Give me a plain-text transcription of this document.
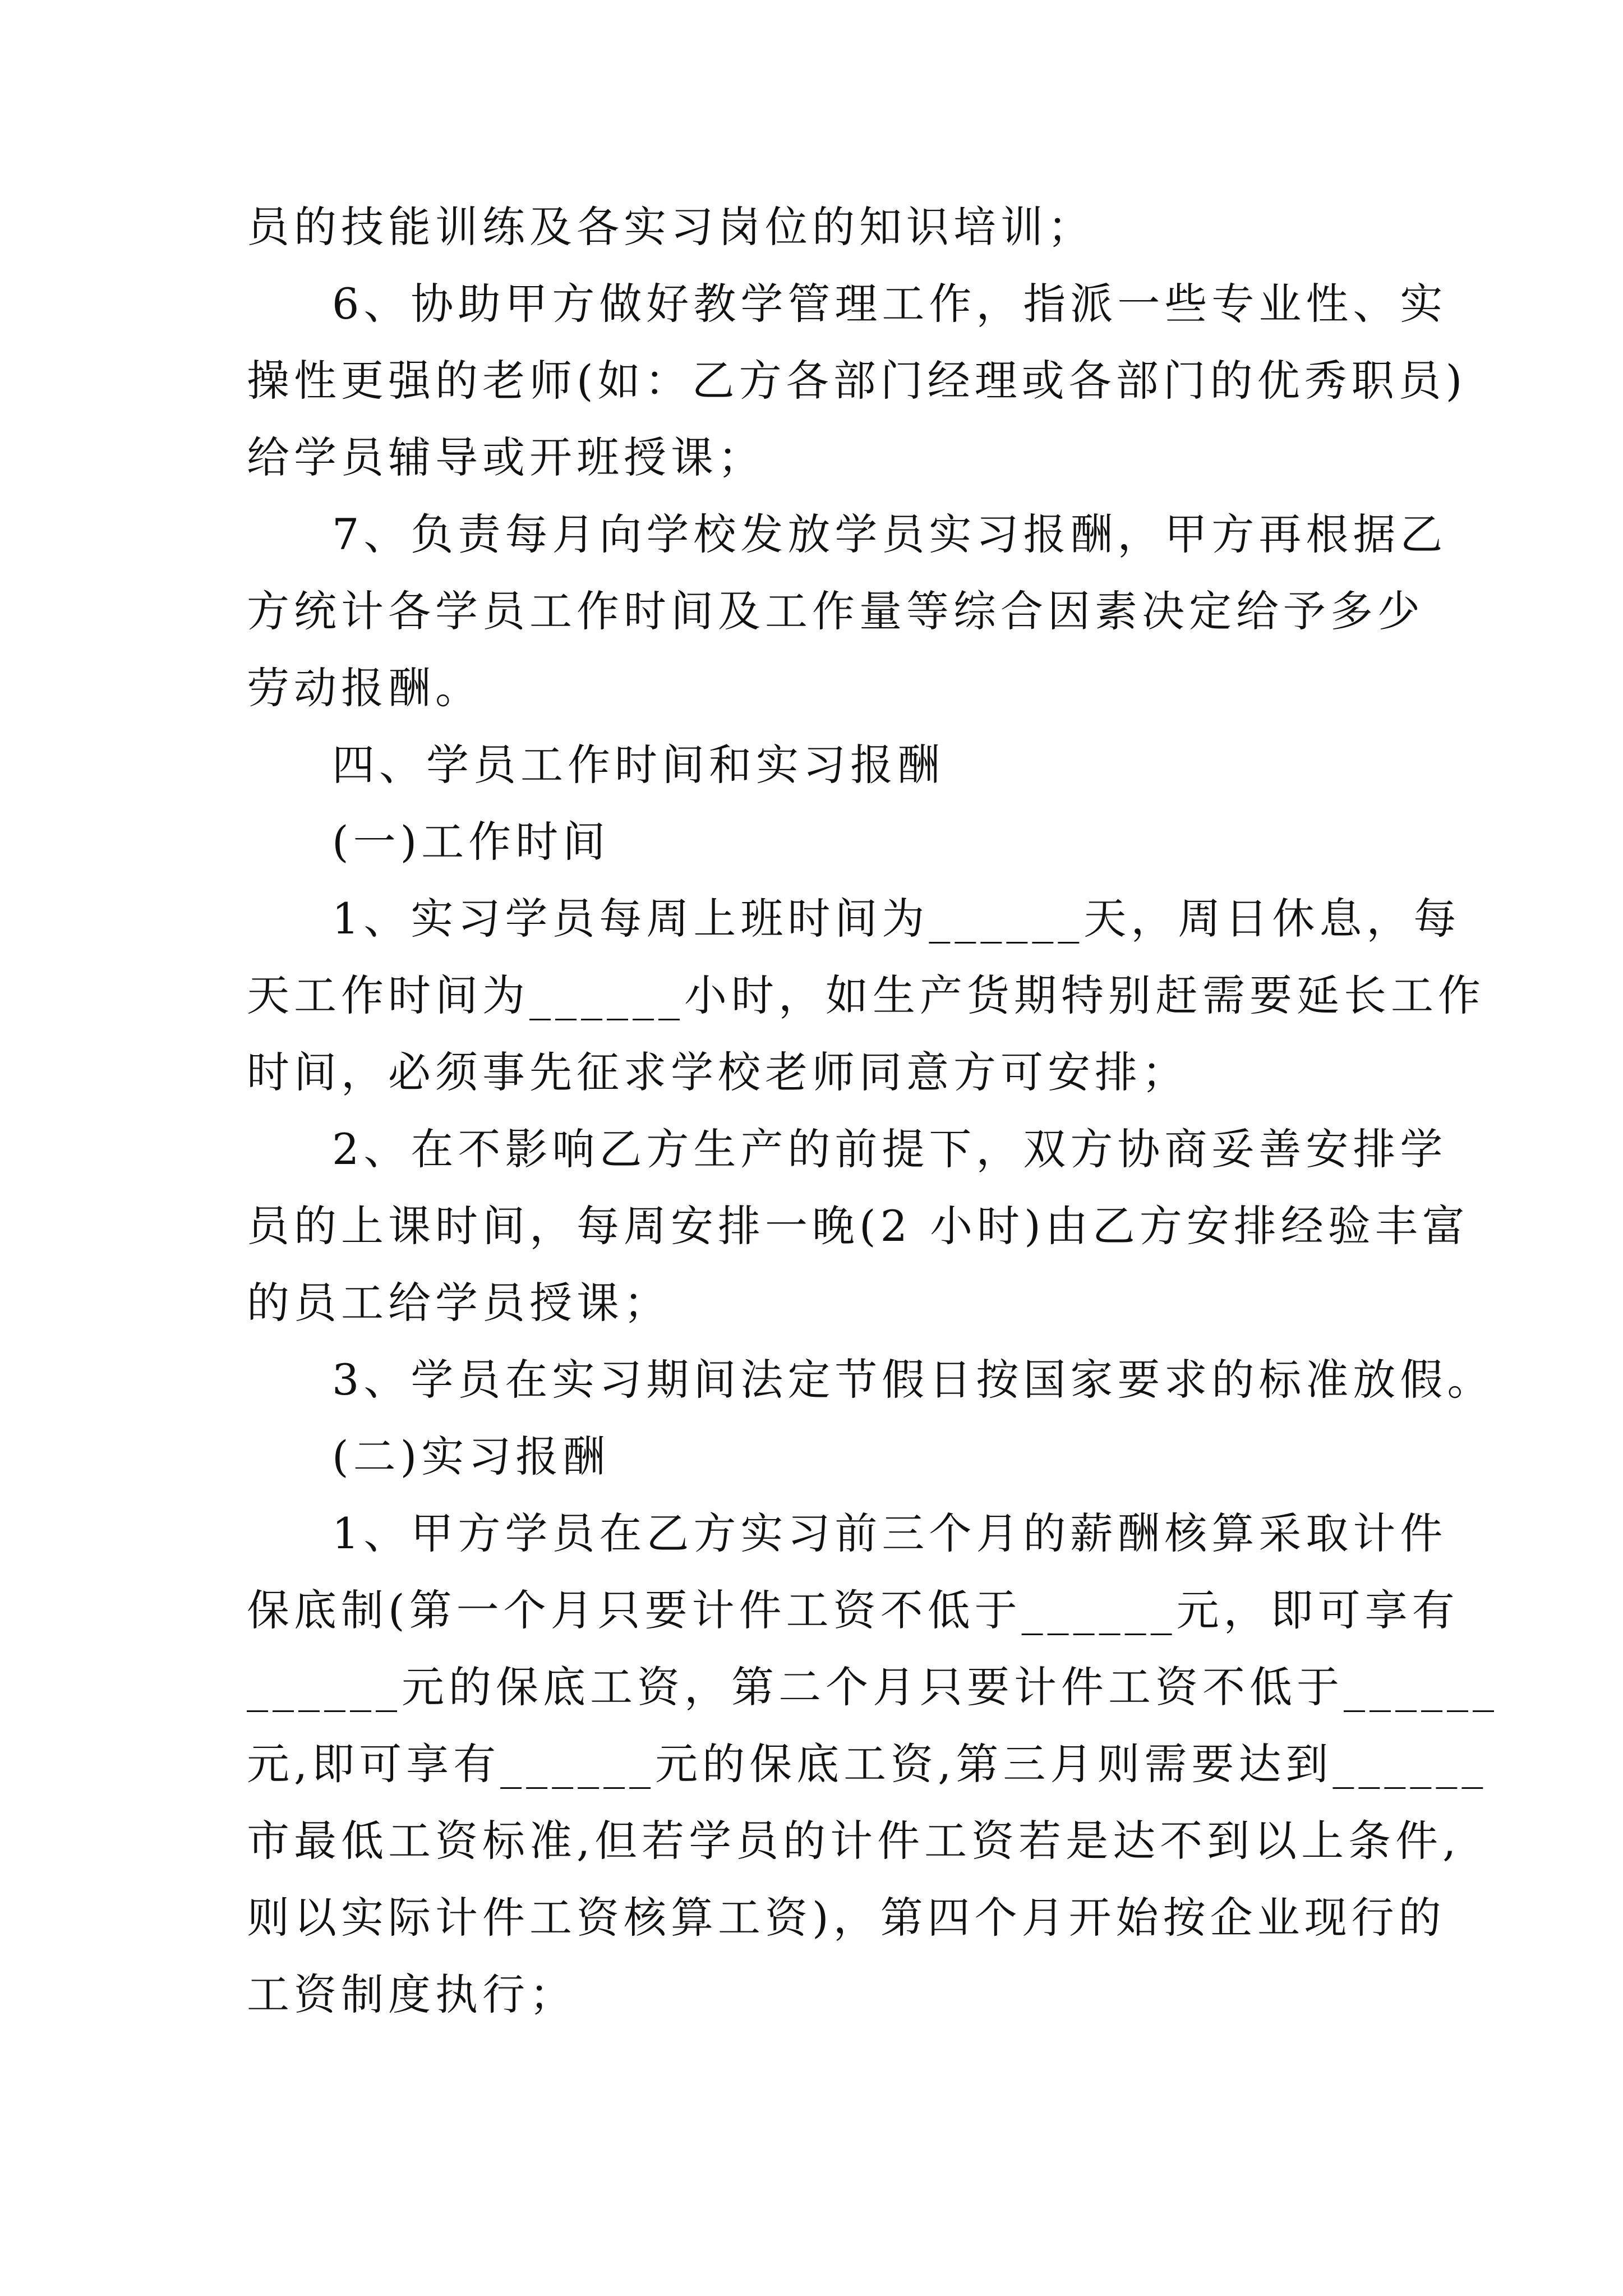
员的技能训练及各实习岗位的知识培训；
6、协助甲方做好教学管理工作，指派一些专业性、实
操性更强的老师(如：乙方各部门经理或各部门的优秀职员)
给学员辅导或开班授课；
7、负责每月向学校发放学员实习报酬，甲方再根据乙
方统计各学员工作时间及工作量等综合因素决定给予多少
劳动报酬。
四、学员工作时间和实习报酬
(一)工作时间
1、实习学员每周上班时间为______天，周日休息，每
天工作时间为______小时，如生产货期特别赶需要延长工作
时间，必须事先征求学校老师同意方可安排；
2、在不影响乙方生产的前提下，双方协商妥善安排学
员的上课时间，每周安排一晚(2 小时)由乙方安排经验丰富
的员工给学员授课；
3、学员在实习期间法定节假日按国家要求的标准放假。
(二)实习报酬
1、甲方学员在乙方实习前三个月的薪酬核算采取计件
保底制(第一个月只要计件工资不低于______元，即可享有
______元的保底工资，第二个月只要计件工资不低于______
元,即可享有______元的保底工资,第三月则需要达到______
市最低工资标准,但若学员的计件工资若是达不到以上条件,
则以实际计件工资核算工资)，第四个月开始按企业现行的
工资制度执行；
